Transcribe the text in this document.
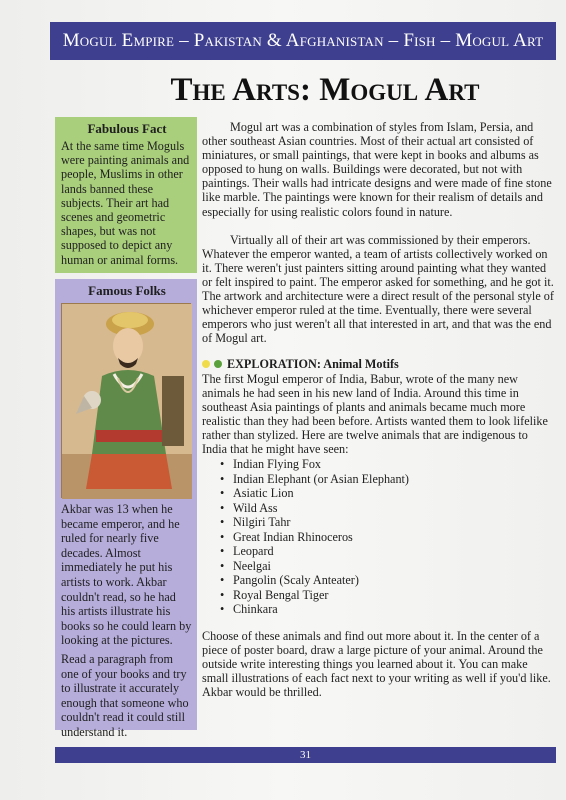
Mogul Empire – Pakistan & Afghanistan – Fish – Mogul Art
The Arts: Mogul Art
Fabulous Fact
At the same time Moguls were painting animals and people, Muslims in other lands banned these subjects. Their art had scenes and geometric shapes, but was not supposed to depict any human or animal forms.
Famous Folks

Akbar was 13 when he became emperor, and he ruled for nearly five decades. Almost immediately he put his artists to work. Akbar couldn't read, so he had his artists illustrate his books so he could learn by looking at the pictures.

Read a paragraph from one of your books and try to illustrate it accurately enough that someone who couldn't read it could still understand it.

Mogul art was a combination of styles from Islam, Persia, and other southeast Asian countries. Most of their actual art consisted of miniatures, or small paintings, that were kept in books and albums as opposed to hung on walls. Buildings were decorated, but not with paintings. Their walls had intricate designs and were made of fine stone like marble. The paintings were known for their realism of details and especially for using realistic colors found in nature.

Virtually all of their art was commissioned by their emperors. Whatever the emperor wanted, a team of artists collectively worked on it. There weren't just painters sitting around painting what they wanted or felt inspired to paint. The emperor asked for something, and he got it. The artwork and architecture were a direct result of the personal style of whichever emperor ruled at the time. Eventually, there were several emperors who just weren't all that interested in art, and that was the end of Mogul art.

EXPLORATION: Animal Motifs

The first Mogul emperor of India, Babur, wrote of the many new animals he had seen in his new land of India. Around this time in southeast Asia paintings of plants and animals became much more realistic than they had been before. Artists wanted them to look lifelike rather than stylized. Here are twelve animals that are indigenous to India that he might have seen:

• Indian Flying Fox
• Indian Elephant (or Asian Elephant)
• Asiatic Lion
• Wild Ass
• Nilgiri Tahr
• Great Indian Rhinoceros
• Leopard
• Neelgai
• Pangolin (Scaly Anteater)
• Royal Bengal Tiger
• Chinkara

Choose of these animals and find out more about it. In the center of a piece of poster board, draw a large picture of your animal. Around the outside write interesting things you learned about it. You can make small illustrations of each fact next to your writing as well if you'd like. Akbar would be thrilled.

31
